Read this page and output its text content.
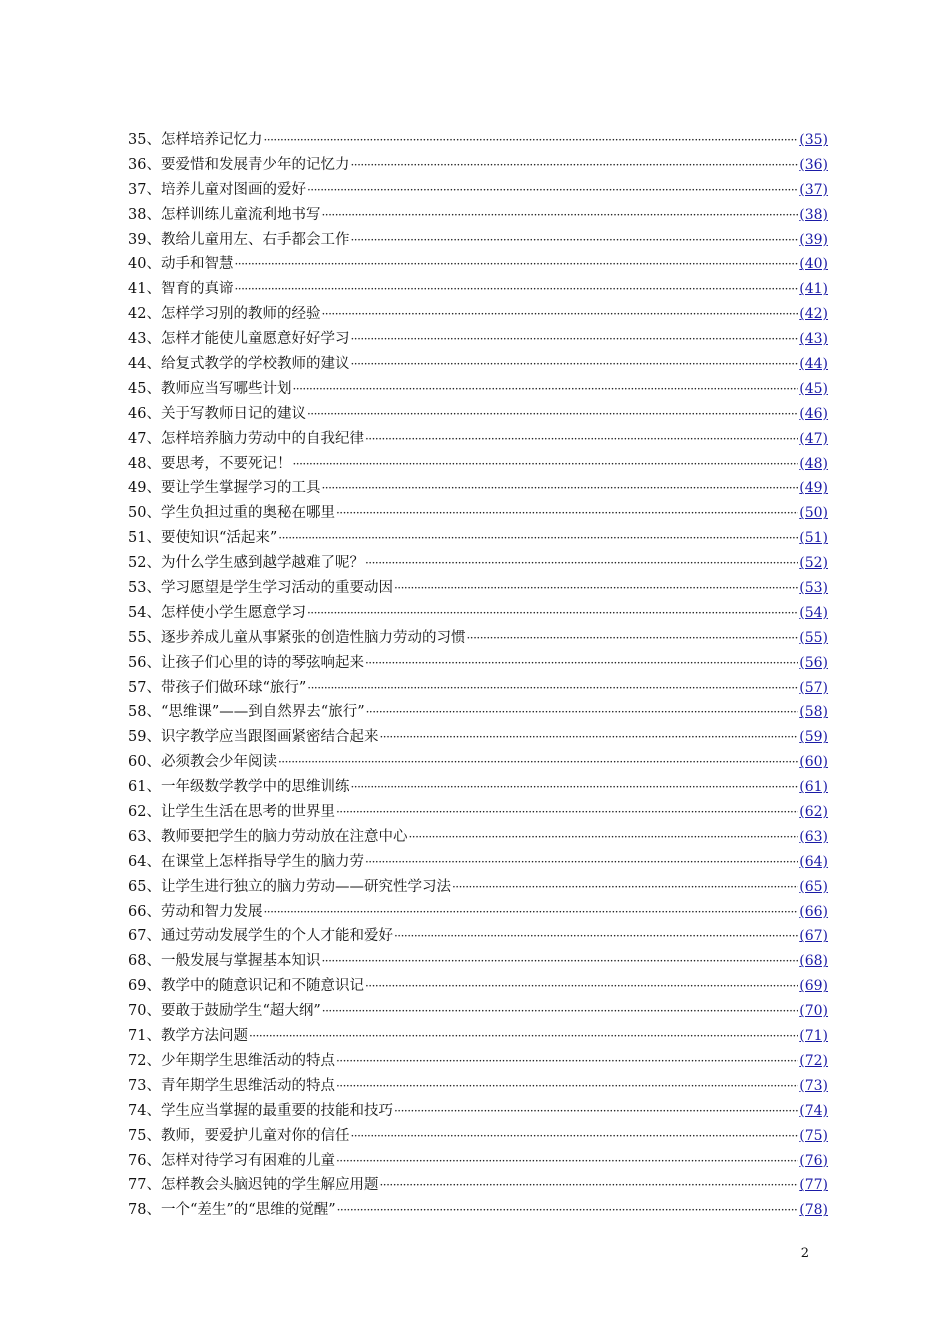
35、 怎样培养记忆力 ·····	(35)
36、 要爱惜和发展青少年的记忆力 ·····	(36)
37、 培养儿童对图画的爱好 ·····	(37)
38、 怎样训练儿童流利地书写 ·····	(38)
39、 教给儿童用左、右手都会工作 ·····	(39)
40、 动手和智慧 ·····	(40)
41、 智育的真谛 ·····	(41)
42、 怎样学习别的教师的经验 ·····	(42)
43、 怎样才能使儿童愿意好好学习 ·····	(43)
44、 给复式教学的学校教师的建议 ·····	(44)
45、 教师应当写哪些计划 ·····	(45)
46、 关于写教师日记的建议 ·····	(46)
47、 怎样培养脑力劳动中的自我纪律 ·····	(47)
48、 要思考，不要死记！ ·····	(48)
49、 要让学生掌握学习的工具 ·····	(49)
50、 学生负担过重的奥秘在哪里 ·····	(50)
51、 要使知识“活起来” ·····	(51)
52、 为什么学生感到越学越难了呢？ ·····	(52)
53、 学习愿望是学生学习活动的重要动因 ·····	(53)
54、 怎样使小学生愿意学习 ·····	(54)
55、 逐步养成儿童从事紧张的创造性脑力劳动的习惯 ·····	(55)
56、 让孩子们心里的诗的琴弦响起来 ·····	(56)
57、 带孩子们做环球“旅行” ·····	(57)
58、 “思维课”——到自然界去“旅行” ·····	(58)
59、 识字教学应当跟图画紧密结合起来 ·····	(59)
60、 必须教会少年阅读 ·····	(60)
61、 一年级数学教学中的思维训练 ·····	(61)
62、 让学生生活在思考的世界里 ·····	(62)
63、 教师要把学生的脑力劳动放在注意中心 ·····	(63)
64、 在课堂上怎样指导学生的脑力劳 ·····	(64)
65、 让学生进行独立的脑力劳动——研究性学习法 ·····	(65)
66、 劳动和智力发展 ·····	(66)
67、 通过劳动发展学生的个人才能和爱好 ·····	(67)
68、 一般发展与掌握基本知识 ·····	(68)
69、 教学中的随意识记和不随意识记 ·····	(69)
70、 要敢于鼓励学生“超大纲” ·····	(70)
71、 教学方法问题 ·····	(71)
72、 少年期学生思维活动的特点 ·····	(72)
73、 青年期学生思维活动的特点 ·····	(73)
74、 学生应当掌握的最重要的技能和技巧 ·····	(74)
75、 教师，要爱护儿童对你的信任 ·····	(75)
76、 怎样对待学习有困难的儿童 ·····	(76)
77、 怎样教会头脑迟钝的学生解应用题 ·····	(77)
78、 一个“差生”的“思维的觉醒” ·····	(78)
2
